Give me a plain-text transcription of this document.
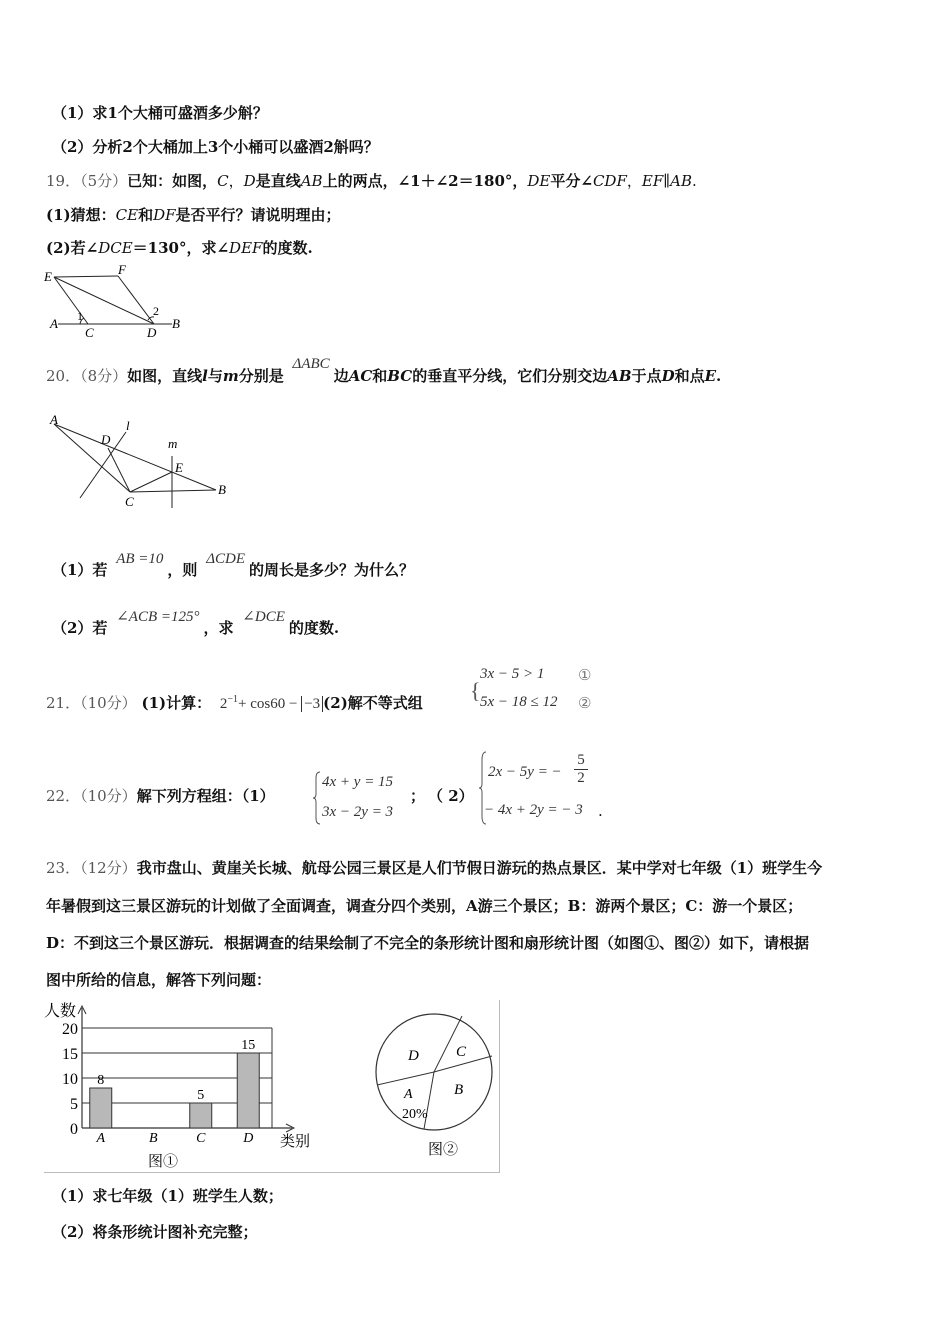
（1）求1个大桶可盛酒多少斛？
（2）分析2个大桶加上3个小桶可以盛酒2斛吗？
19．（5分）已知：如图，C，D是直线AB上的两点，∠1＋∠2＝180°，DE平分∠CDF，EF∥AB.
(1)猜想：CE和DF是否平行？请说明理由；
(2)若∠DCE＝130°，求∠DEF的度数.
E	F
A
C	D
B
1	2
20．（8分）如图，直线l与m分别是 ΔABC边AC和BC的垂直平分线，它们分别交边AB于点D和点E.
A
D
l
m
E
C
B
（1）若 AB =10，则 ΔCDE的周长是多少？为什么？
（2）若 ∠ACB =125°，求 ∠DCE的度数.
21．（10分） (1)计算： $2^{-1}+ \cos 60 - -3$ (2)解不等式组 {
3x − 5 > 1
5x − 18 ≤ 12
①
②
22．（10分）解下列方程组：（1）
4x + y = 15
3x − 2y = 3
； （ 2）
2x − 5y = −
5
2
− 4x + 2y = − 3 .
23．（12分）我市盘山、黄崖关长城、航母公园三景区是人们节假日游玩的热点景区．某中学对七年级（1）班学生今
年暑假到这三景区游玩的计划做了全面调查，调查分四个类别，A游三个景区；B：游两个景区；C：游一个景区；
D：不到这三个景区游玩．根据调查的结果绘制了不完全的条形统计图和扇形统计图（如图①、图②）如下，请根据
图中所给的信息，解答下列问题：
人数
类别
图①
0
5
10
15
20
8
A	B
5
C
15
D
D C
B
A
20%
图②
（1）求七年级（1）班学生人数；
（2）将条形统计图补充完整；
